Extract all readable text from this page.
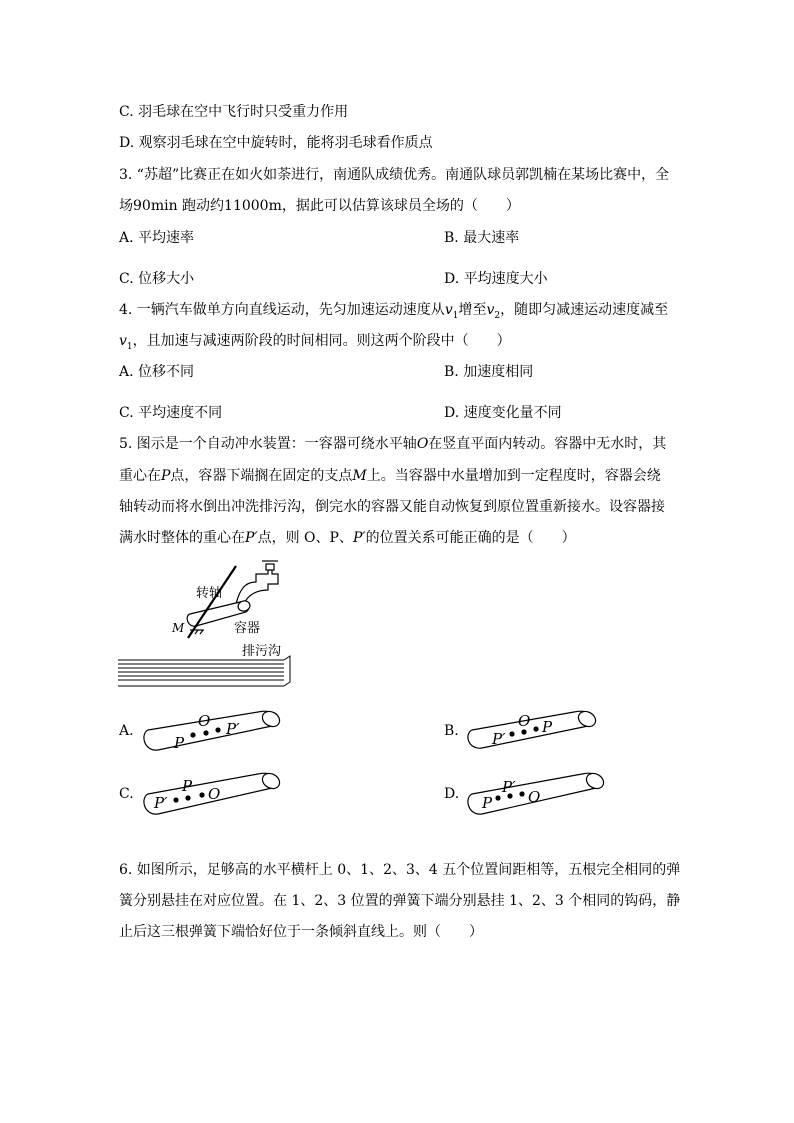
C. 羽毛球在空中飞行时只受重力作用
D. 观察羽毛球在空中旋转时，能将羽毛球看作质点
3. “苏超”比赛正在如火如荼进行，南通队成绩优秀。南通队球员郭凯楠在某场比赛中，全
场90min 跑动约11000m，据此可以估算该球员全场的（　　）
A. 平均速率	B. 最大速率
C. 位移大小	D. 平均速度大小
4. 一辆汽车做单方向直线运动，先匀加速运动速度从$v_1$增至$v_2$，随即匀减速运动速度减至
$v_1$，且加速与减速两阶段的时间相同。则这两个阶段中（　　）
A. 位移不同	B. 加速度相同
C. 平均速度不同	D. 速度变化量不同
5. 图示是一个自动冲水装置：一容器可绕水平轴O在竖直平面内转动。容器中无水时，其
重心在P点，容器下端搁在固定的支点M上。当容器中水量增加到一定程度时，容器会绕
轴转动而将水倒出冲洗排污沟，倒完水的容器又能自动恢复到原位置重新接水。设容器接
满水时整体的重心在P′点，则 O、P、P′的位置关系可能正确的是（　　）
M
转轴
容器
排污沟
A.
O
P
P′	B.
O
P′
P
C.	P
P′	O	D.	P′
P O
6. 如图所示，足够高的水平横杆上 0、1、2、3、4 五个位置间距相等，五根完全相同的弹
簧分别悬挂在对应位置。在 1、2、3 位置的弹簧下端分别悬挂 1、2、3 个相同的钩码，静
止后这三根弹簧下端恰好位于一条倾斜直线上。则（　　）
